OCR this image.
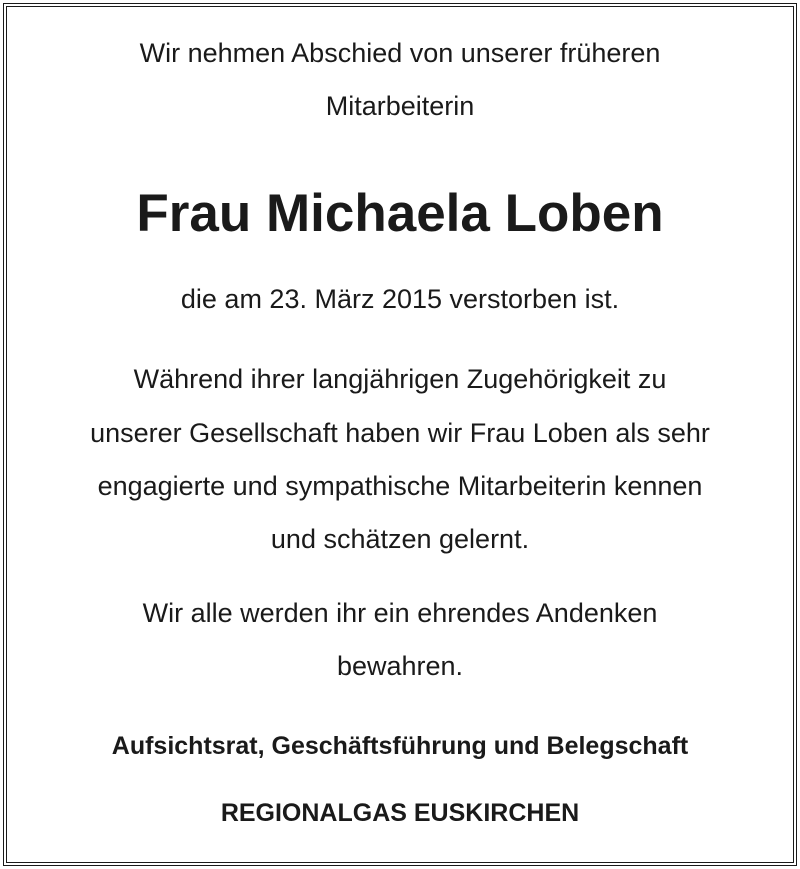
Wir nehmen Abschied von unserer früheren
Mitarbeiterin
Frau Michaela Loben
die am 23. März 2015 verstorben ist.
Während ihrer langjährigen Zugehörigkeit zu
unserer Gesellschaft haben wir Frau Loben als sehr
engagierte und sympathische Mitarbeiterin kennen
und schätzen gelernt.
Wir alle werden ihr ein ehrendes Andenken
bewahren.
Aufsichtsrat, Geschäftsführung und Belegschaft
REGIONALGAS EUSKIRCHEN
